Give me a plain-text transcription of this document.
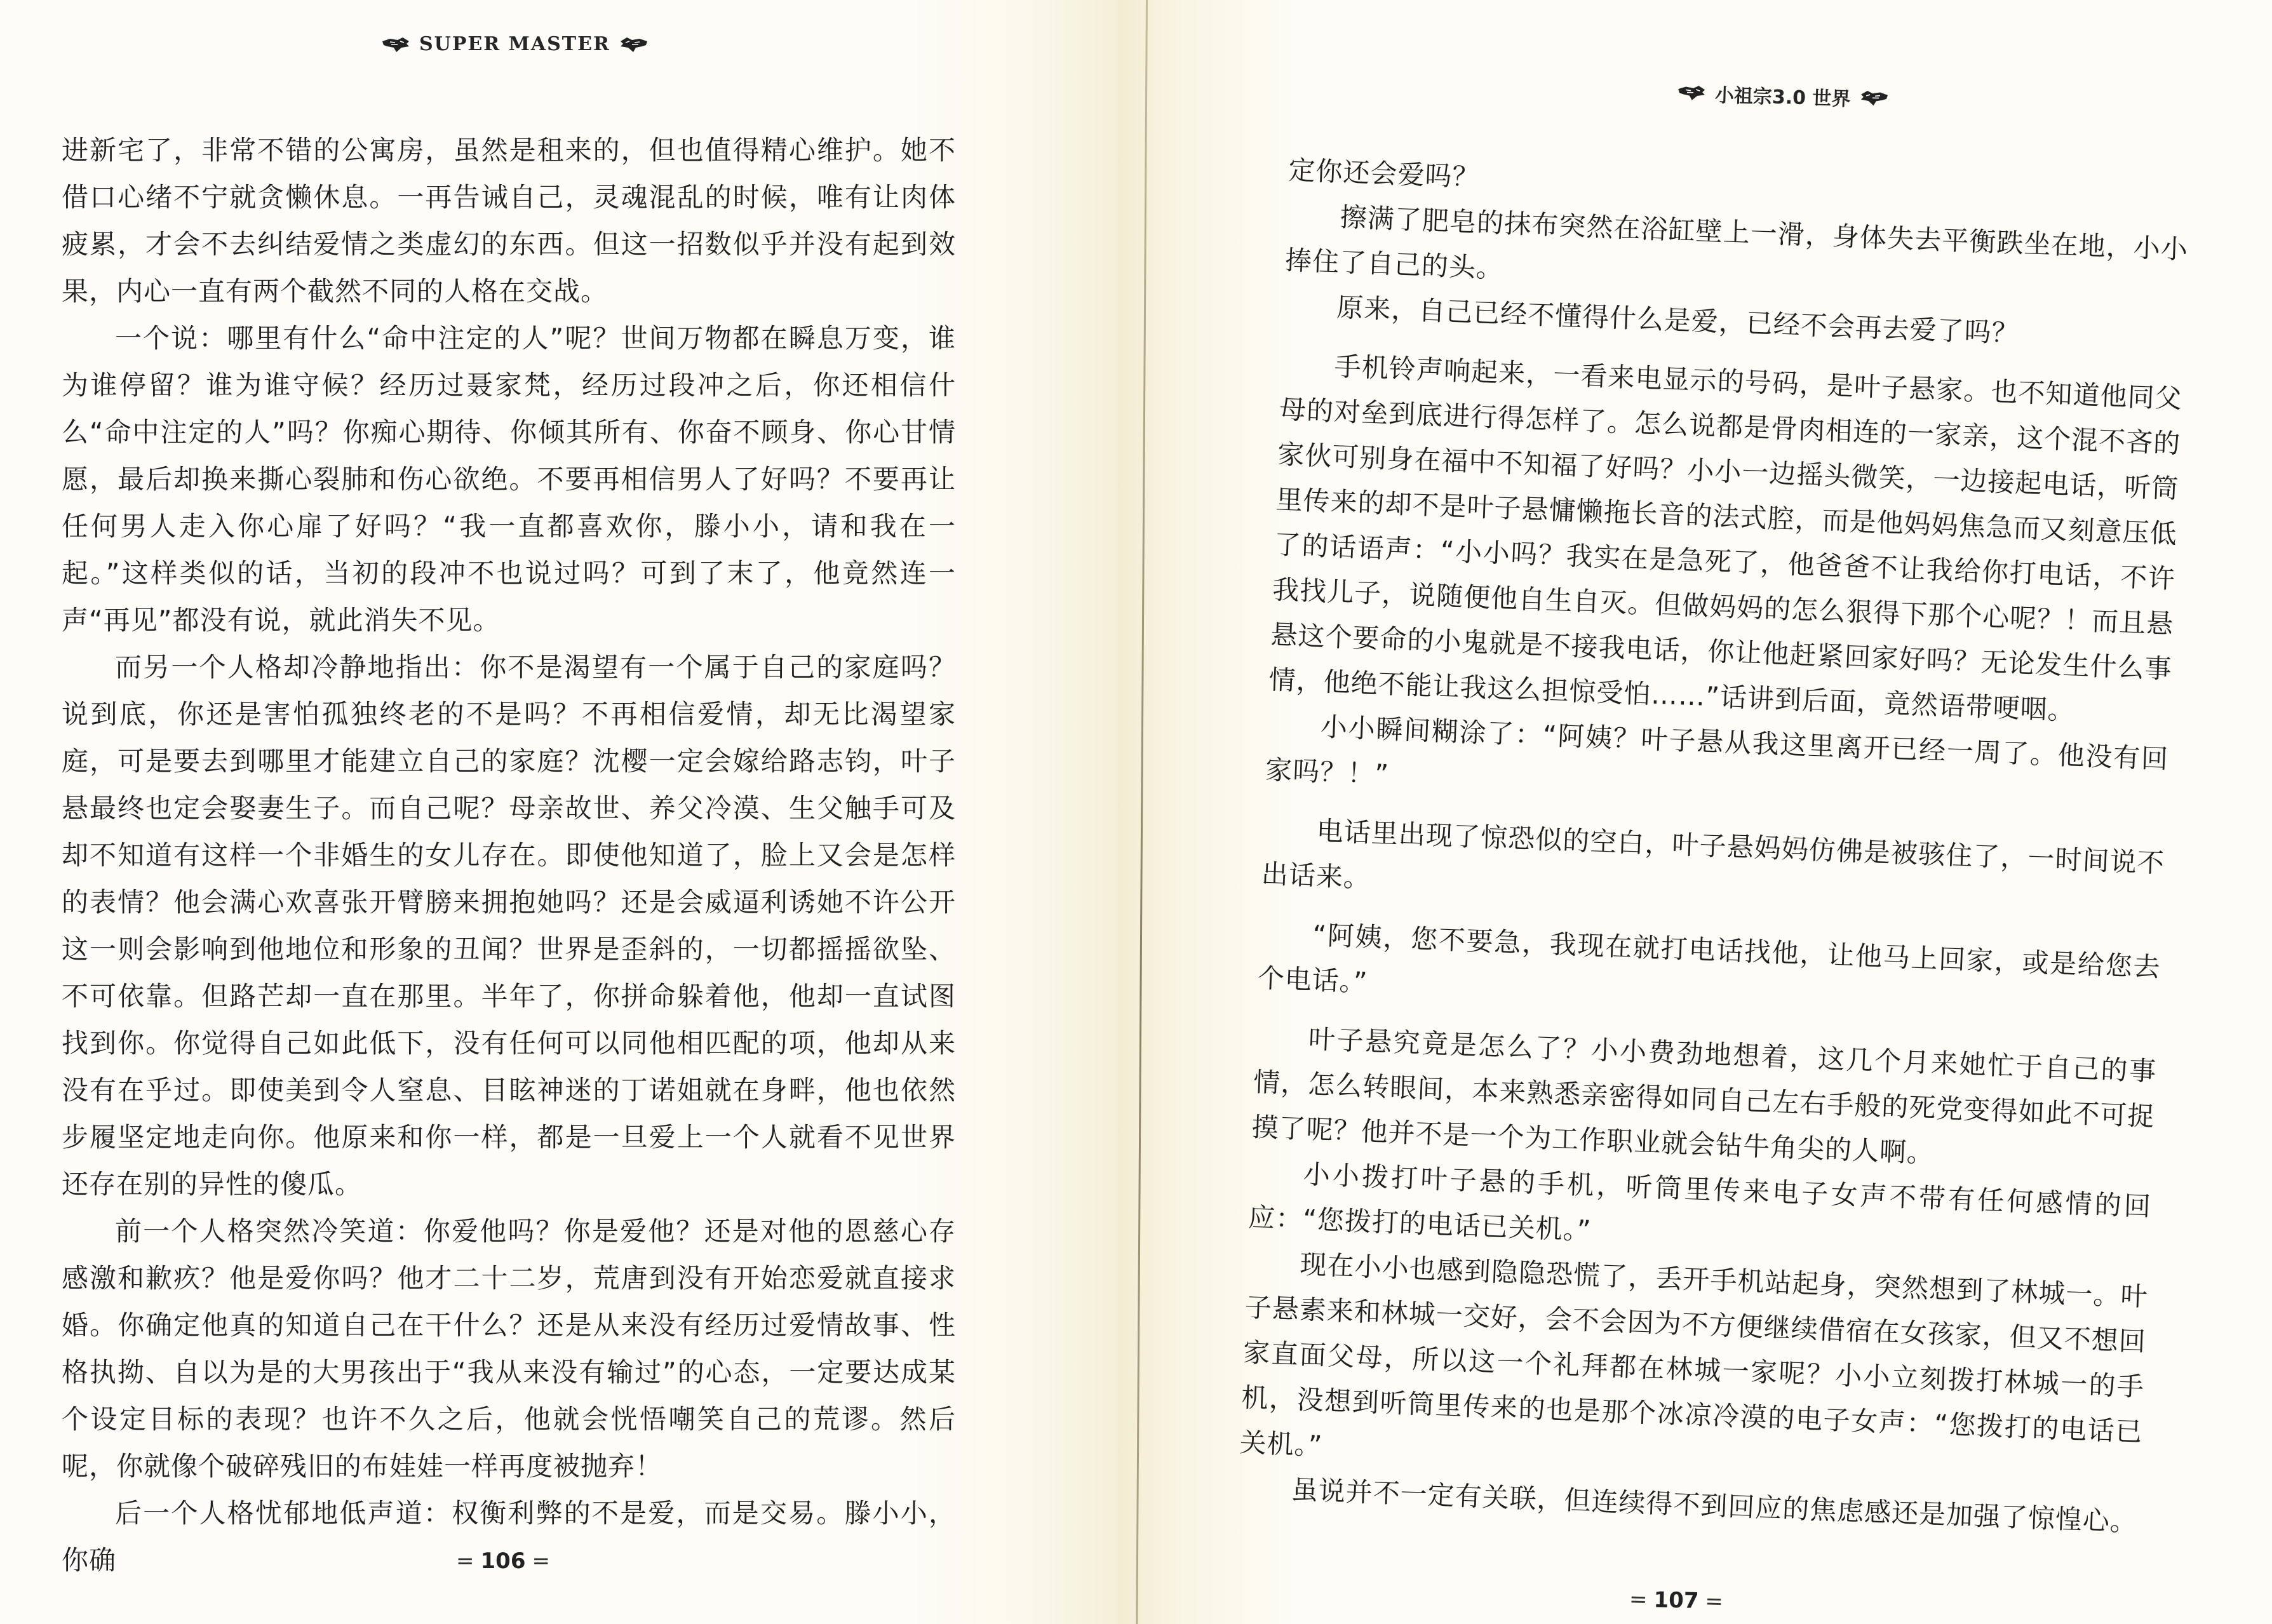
SUPER MASTER

进新宅了，非常不错的公寓房，虽然是租来的，但也值得精心维护。她不借口心绪不宁就贪懒休息。一再告诫自己，灵魂混乱的时候，唯有让肉体疲累，才会不去纠结爱情之类虚幻的东西。但这一招数似乎并没有起到效果，内心一直有两个截然不同的人格在交战。

一个说：哪里有什么“命中注定的人”呢？世间万物都在瞬息万变，谁为谁停留？谁为谁守候？经历过聂家梵，经历过段冲之后，你还相信什么“命中注定的人”吗？你痴心期待、你倾其所有、你奋不顾身、你心甘情愿，最后却换来撕心裂肺和伤心欲绝。不要再相信男人了好吗？不要再让任何男人走入你心扉了好吗？“我一直都喜欢你，滕小小，请和我在一起。”这样类似的话，当初的段冲不也说过吗？可到了末了，他竟然连一声“再见”都没有说，就此消失不见。

而另一个人格却冷静地指出：你不是渴望有一个属于自己的家庭吗？说到底，你还是害怕孤独终老的不是吗？不再相信爱情，却无比渴望家庭，可是要去到哪里才能建立自己的家庭？沈樱一定会嫁给路志钧，叶子悬最终也定会娶妻生子。而自己呢？母亲故世、养父冷漠、生父触手可及却不知道有这样一个非婚生的女儿存在。即使他知道了，脸上又会是怎样的表情？他会满心欢喜张开臂膀来拥抱她吗？还是会威逼利诱她不许公开这一则会影响到他地位和形象的丑闻？世界是歪斜的，一切都摇摇欲坠、不可依靠。但路芒却一直在那里。半年了，你拼命躲着他，他却一直试图找到你。你觉得自己如此低下，没有任何可以同他相匹配的项，他却从来没有在乎过。即使美到令人窒息、目眩神迷的丁诺姐就在身畔，他也依然步履坚定地走向你。他原来和你一样，都是一旦爱上一个人就看不见世界还存在别的异性的傻瓜。

前一个人格突然冷笑道：你爱他吗？你是爱他？还是对他的恩慈心存感激和歉疚？他是爱你吗？他才二十二岁，荒唐到没有开始恋爱就直接求婚。你确定他真的知道自己在干什么？还是从来没有经历过爱情故事、性格执拗、自以为是的大男孩出于“我从来没有输过”的心态，一定要达成某个设定目标的表现？也许不久之后，他就会恍悟嘲笑自己的荒谬。然后呢，你就像个破碎残旧的布娃娃一样再度被抛弃！

后一个人格忧郁地低声道：权衡利弊的不是爱，而是交易。滕小小，你确	= 106 =
小祖宗3.0 世界

定你还会爱吗？

擦满了肥皂的抹布突然在浴缸壁上一滑，身体失去平衡跌坐在地，小小捧住了自己的头。

原来，自己已经不懂得什么是爱，已经不会再去爱了吗？

手机铃声响起来，一看来电显示的号码，是叶子悬家。也不知道他同父母的对垒到底进行得怎样了。怎么说都是骨肉相连的一家亲，这个混不吝的家伙可别身在福中不知福了好吗？小小一边摇头微笑，一边接起电话，听筒里传来的却不是叶子悬慵懒拖长音的法式腔，而是他妈妈焦急而又刻意压低了的话语声：“小小吗？我实在是急死了，他爸爸不让我给你打电话，不许我找儿子，说随便他自生自灭。但做妈妈的怎么狠得下那个心呢？！而且悬悬这个要命的小鬼就是不接我电话，你让他赶紧回家好吗？无论发生什么事情，他绝不能让我这么担惊受怕……”话讲到后面，竟然语带哽咽。

小小瞬间糊涂了：“阿姨？叶子悬从我这里离开已经一周了。他没有回家吗？！”

电话里出现了惊恐似的空白，叶子悬妈妈仿佛是被骇住了，一时间说不出话来。

“阿姨，您不要急，我现在就打电话找他，让他马上回家，或是给您去个电话。”

叶子悬究竟是怎么了？小小费劲地想着，这几个月来她忙于自己的事情，怎么转眼间，本来熟悉亲密得如同自己左右手般的死党变得如此不可捉摸了呢？他并不是一个为工作职业就会钻牛角尖的人啊。

小小拨打叶子悬的手机，听筒里传来电子女声不带有任何感情的回应：“您拨打的电话已关机。”

现在小小也感到隐隐恐慌了，丢开手机站起身，突然想到了林城一。叶子悬素来和林城一交好，会不会因为不方便继续借宿在女孩家，但又不想回家直面父母，所以这一个礼拜都在林城一家呢？小小立刻拨打林城一的手机，没想到听筒里传来的也是那个冰凉冷漠的电子女声：“您拨打的电话已关机。”

虽说并不一定有关联，但连续得不到回应的焦虑感还是加强了惊惶心。

= 107 =
